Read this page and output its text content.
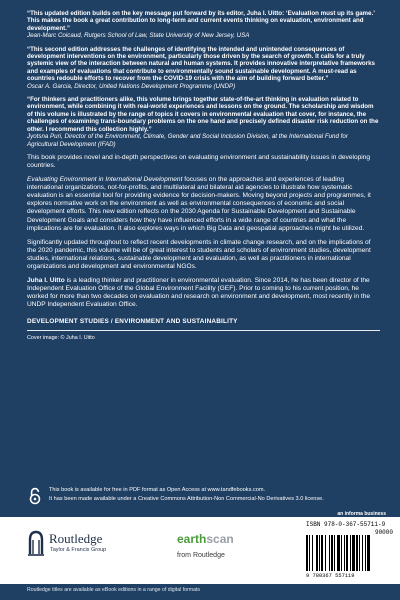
“This updated edition builds on the key message put forward by its editor, Juha I. Uitto: ‘Evaluation must up its game.’ This makes the book a great contribution to long-term and current events thinking on evaluation, environment and development.”

Jean-Marc Coicaud, Rutgers School of Law, State University of New Jersey, USA

“This second edition addresses the challenges of identifying the intended and unintended consequences of development interventions on the environment, particularly those driven by the search of growth. It calls for a truly systemic view of the interaction between natural and human systems. It provides innovative interpretative frameworks and examples of evaluations that contribute to environmentally sound sustainable development. A must-read as countries redouble efforts to recover from the COVID-19 crisis with the aim of building forward better.”

Oscar A. Garcia, Director, United Nations Development Programme (UNDP)

“For thinkers and practitioners alike, this volume brings together state-of-the-art thinking in evaluation related to environment, while combining it with real-world experiences and lessons on the ground. The scholarship and wisdom of this volume is illustrated by the range of topics it covers in environmental evaluation that cover, for instance, the challenges of examining trans-boundary problems on the one hand and precisely defined disaster risk reduction on the other. I recommend this collection highly.”

Jyotsna Puri, Director of the Environment, Climate, Gender and Social Inclusion Division, at the International Fund for Agricultural Development (IFAD)

This book provides novel and in-depth perspectives on evaluating environment and sustainability issues in developing countries.

Evaluating Environment in International Development focuses on the approaches and experiences of leading international organizations, not-for-profits, and multilateral and bilateral aid agencies to illustrate how systematic evaluation is an essential tool for providing evidence for decision-makers. Moving beyond projects and programmes, it explores normative work on the environment as well as environmental consequences of economic and social development efforts. This new edition reflects on the 2030 Agenda for Sustainable Development and Sustainable Development Goals and considers how they have influenced efforts in a wide range of countries and what the implications are for evaluation. It also explores ways in which Big Data and geospatial approaches might be utilized.

Significantly updated throughout to reflect recent developments in climate change research, and on the implications of the 2020 pandemic, this volume will be of great interest to students and scholars of environment studies, development studies, international relations, sustainable development and evaluation, as well as practitioners in international organizations and development and environmental NGOs.

Juha I. Uitto is a leading thinker and practitioner in environmental evaluation. Since 2014, he has been director of the Independent Evaluation Office of the Global Environment Facility (GEF). Prior to coming to his current position, he worked for more than two decades on evaluation and research on environment and development, most recently in the UNDP Independent Evaluation Office.

DEVELOPMENT STUDIES / ENVIRONMENT AND SUSTAINABILITY

Cover image: © Juha I. Uitto

This book is available for free in PDF format as Open Access at www.tandfebooks.com.
It has been made available under a Creative Commons Attribution-Non Commercial-No Derivatives 3.0 license.
an informa business
Routledge
Taylor & Francis Group
earthscan
from Routledge
ISBN 978-0-367-55711-9
90000
9 780367 557119
Routledge titles are available as eBook editions in a range of digital formats
